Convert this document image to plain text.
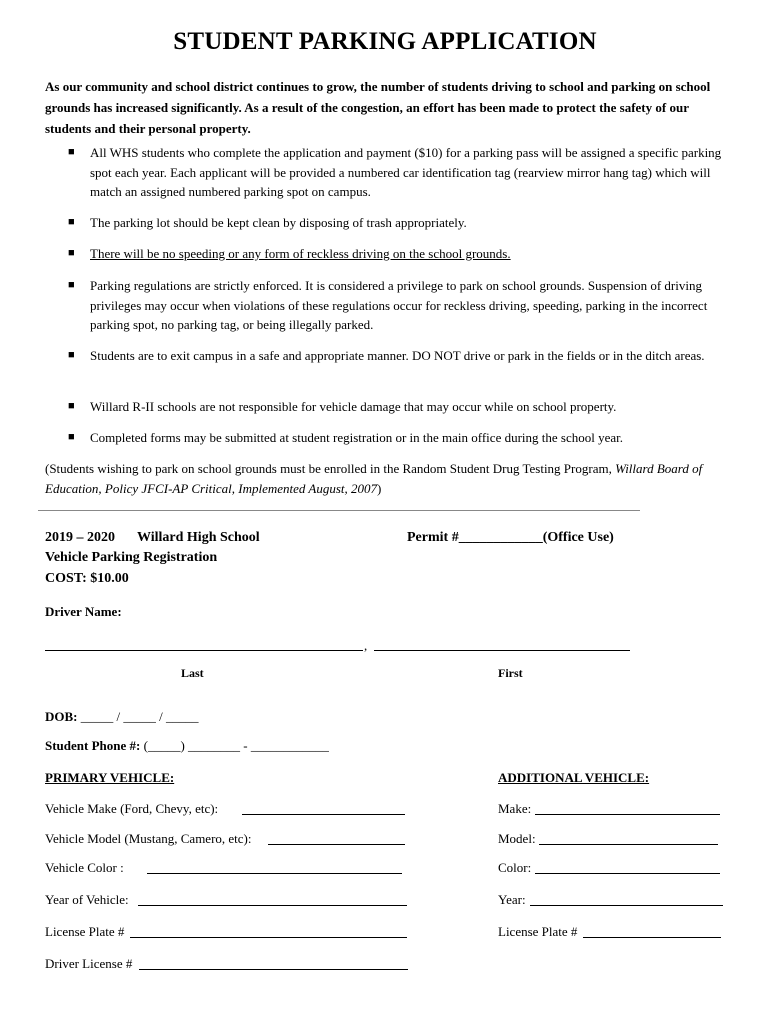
STUDENT PARKING APPLICATION
As our community and school district continues to grow, the number of students driving to school and parking on school grounds has increased significantly. As a result of the congestion, an effort has been made to protect the safety of our students and their personal property.
■ All WHS students who complete the application and payment ($10) for a parking pass will be assigned a specific parking spot each year. Each applicant will be provided a numbered car identification tag (rearview mirror hang tag) which will match an assigned numbered parking spot on campus.
■ The parking lot should be kept clean by disposing of trash appropriately.
■ There will be no speeding or any form of reckless driving on the school grounds.
■ Parking regulations are strictly enforced. It is considered a privilege to park on school grounds. Suspension of driving privileges may occur when violations of these regulations occur for reckless driving, speeding, parking in the incorrect parking spot, no parking tag, or being illegally parked.
■ Students are to exit campus in a safe and appropriate manner. DO NOT drive or park in the fields or in the ditch areas.
■ Willard R-II schools are not responsible for vehicle damage that may occur while on school property.
■ Completed forms may be submitted at student registration or in the main office during the school year.
(Students wishing to park on school grounds must be enrolled in the Random Student Drug Testing Program, Willard Board of Education, Policy JFCI-AP Critical, Implemented August, 2007)
2019 – 2020 Willard High School	Permit #____________(Office Use)
Vehicle Parking Registration
COST: $10.00
Driver Name:
,
Last	First
DOB: _____ / _____ / _____
Student Phone #: (_____) ________ - ____________
PRIMARY VEHICLE:	ADDITIONAL VEHICLE:
Vehicle Make (Ford, Chevy, etc):
Vehicle Model (Mustang, Camero, etc):
Vehicle Color :
Year of Vehicle:
License Plate #
Driver License #
Make:
Model:
Color:
Year:
License Plate #
